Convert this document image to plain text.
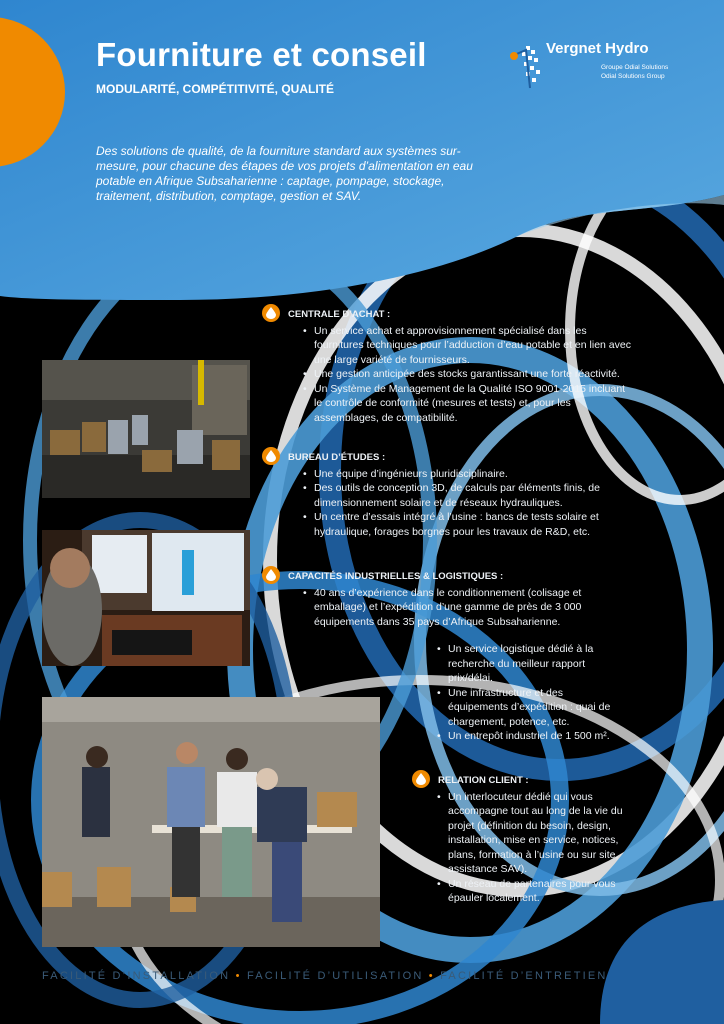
Fourniture et conseil
MODULARITÉ, COMPÉTITIVITÉ, QUALITÉ
Des solutions de qualité, de la fourniture standard aux systèmes sur-mesure, pour chacune des étapes de vos projets d’alimentation en eau potable en Afrique Subsaharienne : captage, pompage, stockage, traitement, distribution, comptage, gestion et SAV.
Vergnet Hydro
Groupe Odial Solutions
Odial Solutions Group
CENTRALE D’ACHAT :
• Un service achat et approvisionnement spécialisé dans les fournitures techniques pour l’adduction d’eau potable et en lien avec une large variété de fournisseurs.
• Une gestion anticipée des stocks garantissant une forte réactivité.
• Un Système de Management de la Qualité ISO 9001-2015 incluant le contrôle de conformité (mesures et tests) et, pour les assemblages, de compatibilité.
BUREAU D’ÉTUDES :
• Une équipe d’ingénieurs pluridisciplinaire.
• Des outils de conception 3D, de calculs par éléments finis, de dimensionnement solaire et de réseaux hydrauliques.
• Un centre d’essais intégré à l’usine : bancs de tests solaire et hydraulique, forages borgnes pour les travaux de R&D, etc.
CAPACITÉS INDUSTRIELLES & LOGISTIQUES :
• 40 ans d’expérience dans le conditionnement (colisage et emballage) et l’expédition d’une gamme de près de 3 000 équipements dans 35 pays d’Afrique Subsaharienne.
• Un service logistique dédié à la recherche du meilleur rapport prix/délai.
• Une infrastructure et des équipements d’expédition : quai de chargement, potence, etc.
• Un entrepôt industriel de 1 500 m².
RELATION CLIENT :
• Un interlocuteur dédié qui vous accompagne tout au long de la vie du projet (définition du besoin, design, installation, mise en service, notices, plans, formation à l’usine ou sur site, assistance SAV).
• Un réseau de partenaires pour vous épauler localement.
FACILITÉ D’INSTALLATION • FACILITÉ D’UTILISATION • FACILITÉ D’ENTRETIEN
